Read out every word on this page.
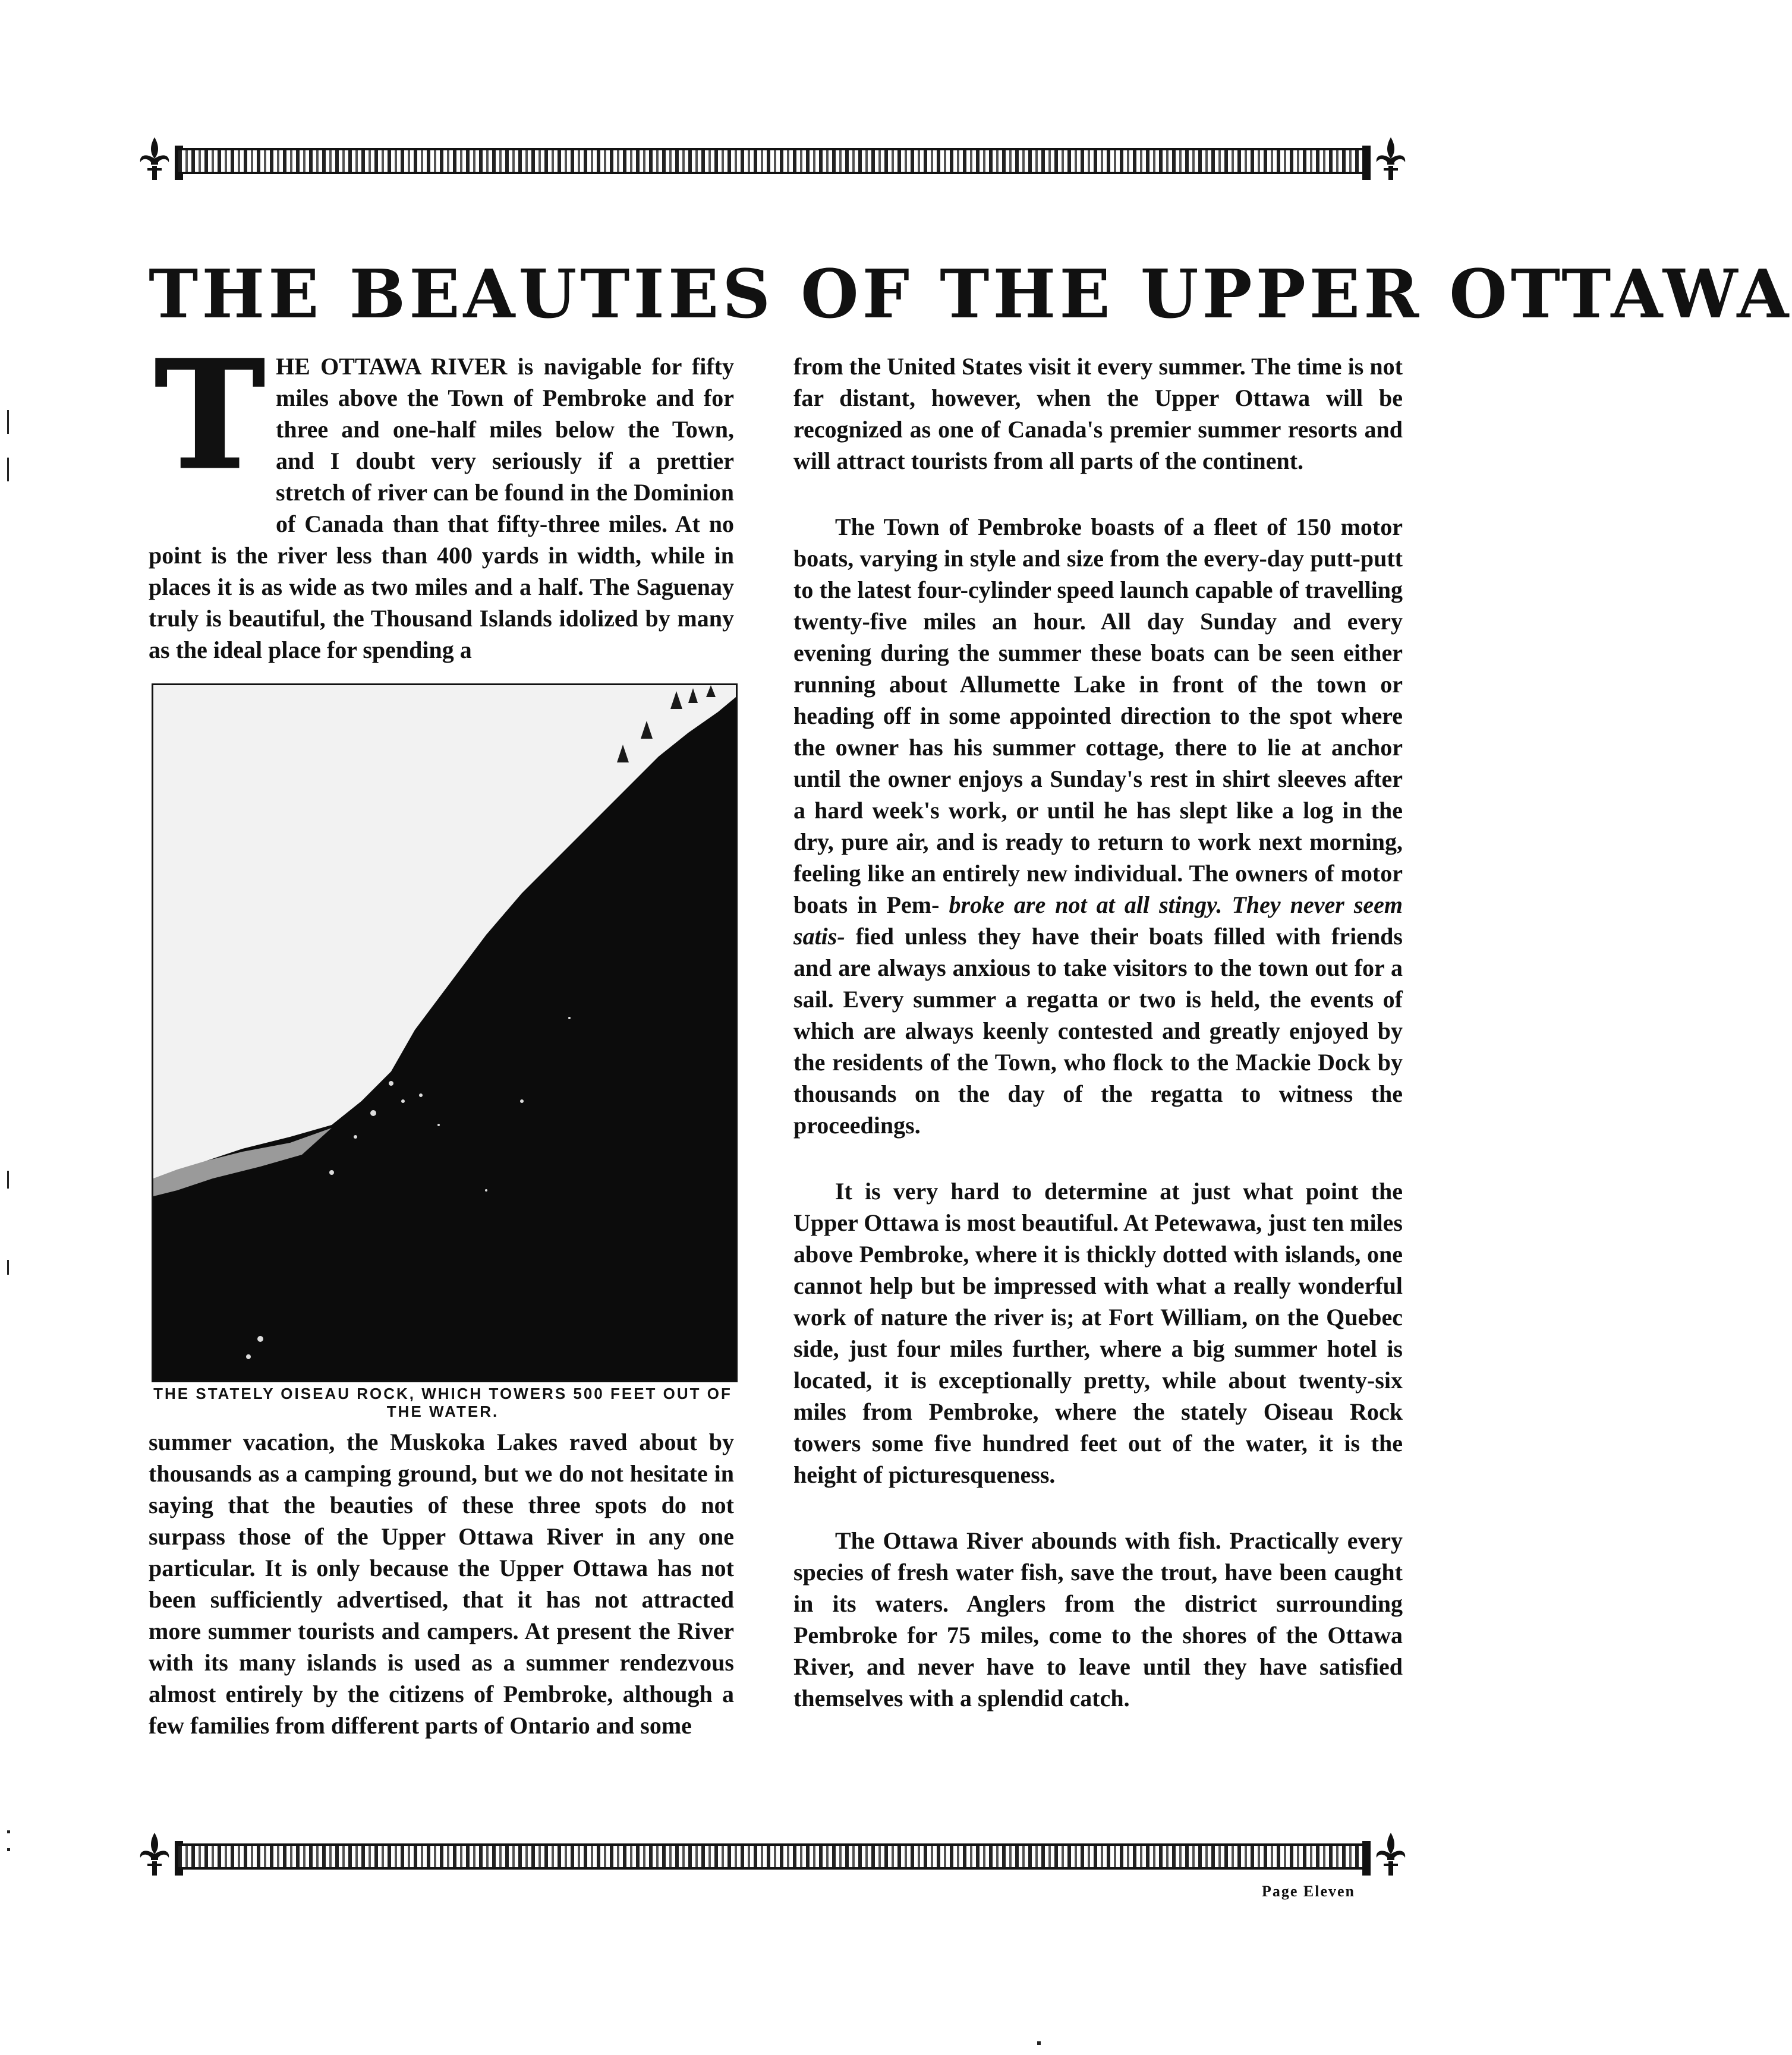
THE BEAUTIES OF THE UPPER OTTAWA
T HE OTTAWA RIVER is navigable for fifty miles above the Town of Pembroke and for three and one-half miles below the Town, and I doubt very seriously if a prettier stretch of river can be found in the Dominion of Canada than that fifty-three miles. At no point is the river less than 400 yards in width, while in places it is as wide as two miles and a half. The Saguenay truly is beautiful, the Thousand Islands idolized by many as the ideal place for spending a

THE STATELY OISEAU ROCK, WHICH TOWERS 500 FEET OUT OF THE WATER.

summer vacation, the Muskoka Lakes raved about by thousands as a camping ground, but we do not hesitate in saying that the beauties of these three spots do not surpass those of the Upper Ottawa River in any one particular. It is only because the Upper Ottawa has not been sufficiently advertised, that it has not attracted more summer tourists and campers. At present the River with its many islands is used as a summer rendezvous almost entirely by the citizens of Pembroke, although a few families from different parts of Ontario and some

from the United States visit it every summer. The time is not far distant, however, when the Upper Ottawa will be recognized as one of Canada's premier summer resorts and will attract tourists from all parts of the continent.

The Town of Pembroke boasts of a fleet of 150 motor boats, varying in style and size from the every-day putt-putt to the latest four-cylinder speed launch capable of travelling twenty-five miles an hour. All day Sunday and every evening during the summer these boats can be seen either running about Allumette Lake in front of the town or heading off in some appointed direction to the spot where the owner has his summer cottage, there to lie at anchor until the owner enjoys a Sunday's rest in shirt sleeves after a hard week's work, or until he has slept like a log in the dry, pure air, and is ready to return to work next morning, feeling like an entirely new individual. The owners of motor boats in Pem- broke are not at all stingy. They never seem satis- fied unless they have their boats filled with friends and are always anxious to take visitors to the town out for a sail. Every summer a regatta or two is held, the events of which are always keenly contested and greatly enjoyed by the residents of the Town, who flock to the Mackie Dock by thousands on the day of the regatta to witness the proceedings.

It is very hard to determine at just what point the Upper Ottawa is most beautiful. At Petewawa, just ten miles above Pembroke, where it is thickly dotted with islands, one cannot help but be impressed with what a really wonderful work of nature the river is; at Fort William, on the Quebec side, just four miles further, where a big summer hotel is located, it is exceptionally pretty, while about twenty-six miles from Pembroke, where the stately Oiseau Rock towers some five hundred feet out of the water, it is the height of picturesqueness.

The Ottawa River abounds with fish. Practically every species of fresh water fish, save the trout, have been caught in its waters. Anglers from the district surrounding Pembroke for 75 miles, come to the shores of the Ottawa River, and never have to leave until they have satisfied themselves with a splendid catch.

Page Eleven
